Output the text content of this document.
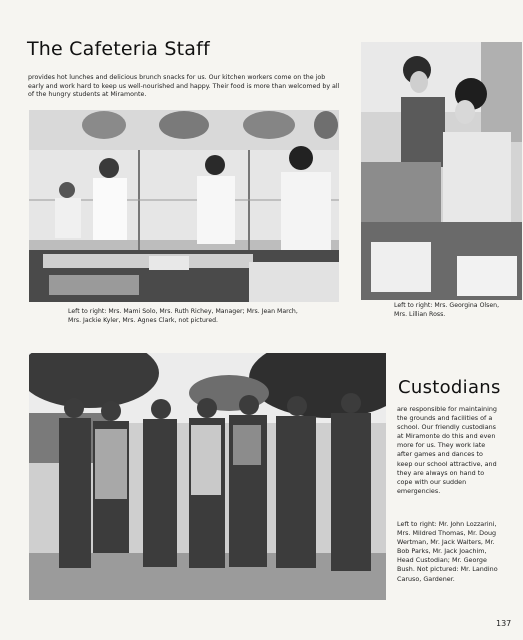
The Cafeteria Staff
provides hot lunches and delicious brunch snacks for us. Our kitchen workers come on the job early and work hard to keep us well-nourished and happy. Their food is more than welcomed by all of the hungry students at Miramonte.
Left to right: Mrs. Mami Solo, Mrs. Ruth Richey, Manager; Mrs. Jean March, Mrs. Jackie Kyler, Mrs. Agnes Clark, not pictured.
Left to right: Mrs. Georgina Olsen, Mrs. Lillian Ross.
Custodians
are responsible for maintaining the grounds and facilities of a school. Our friendly custodians at Miramonte do this and even more for us. They work late after games and dances to keep our school attractive, and they are always on hand to cope with our sudden emergencies.
Left to right: Mr. John Lozzarini, Mrs. Mildred Thomas, Mr. Doug Wertman, Mr. Jack Walters, Mr. Bob Parks, Mr. Jack Joachim, Head Custodian; Mr. George Bush. Not pictured: Mr. Landino Caruso, Gardener.
137
